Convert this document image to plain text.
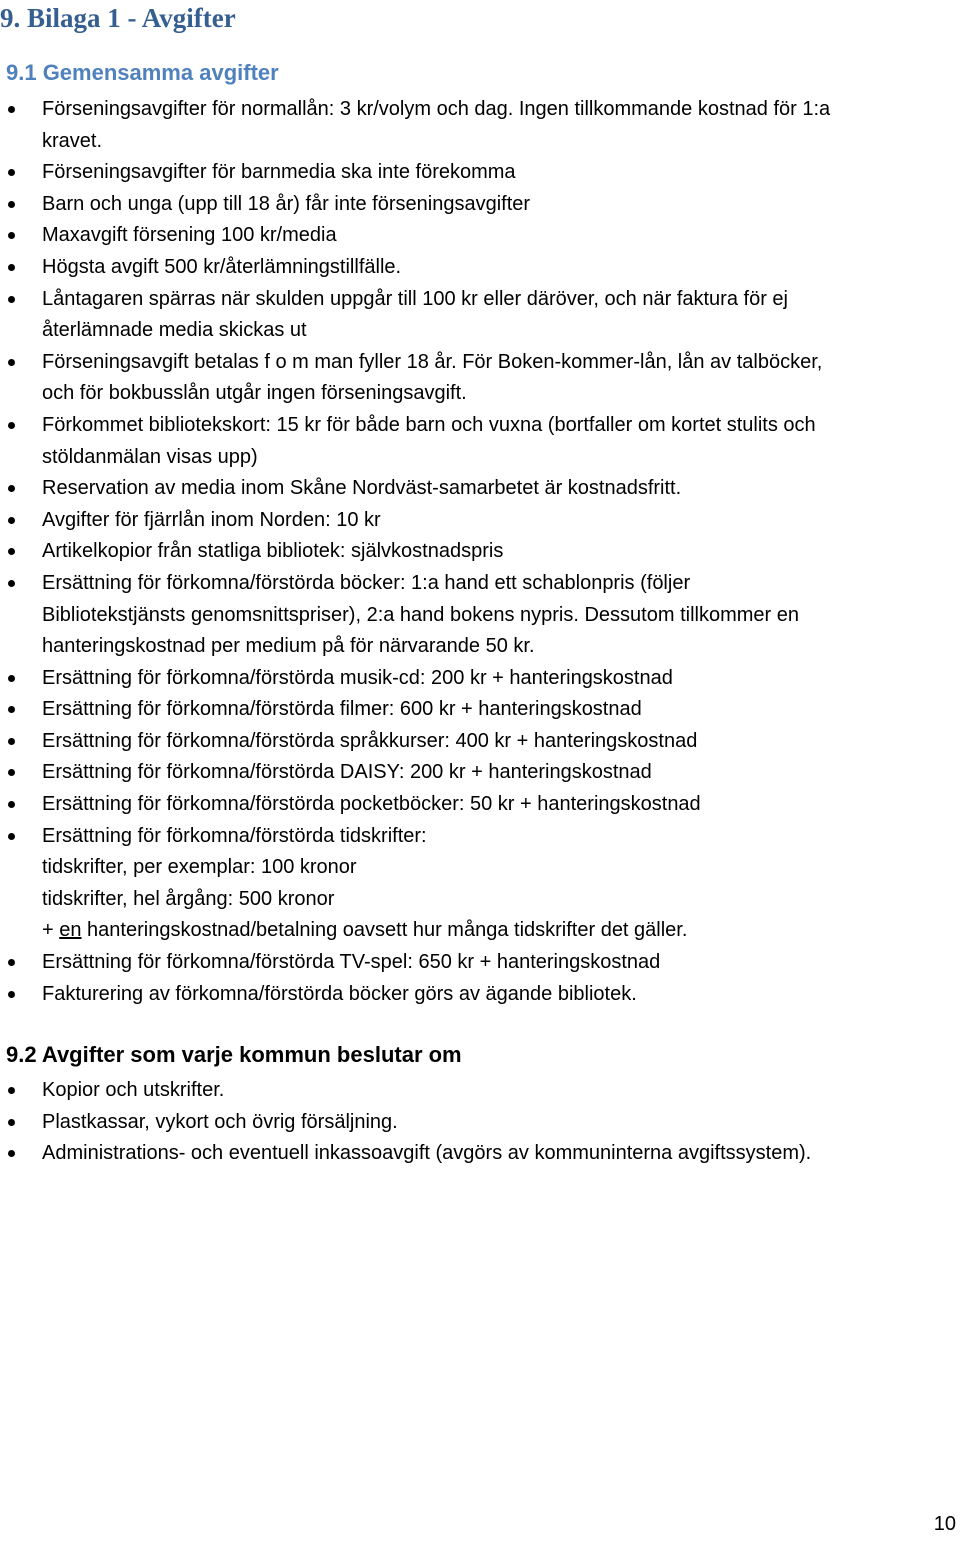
9. Bilaga 1 - Avgifter
9.1 Gemensamma avgifter
Förseningsavgifter för normallån: 3 kr/volym och dag. Ingen tillkommande kostnad för 1:a
kravet.
Förseningsavgifter för barnmedia ska inte förekomma
Barn och unga (upp till 18 år) får inte förseningsavgifter
Maxavgift försening 100 kr/media
Högsta avgift 500 kr/återlämningstillfälle.
Låntagaren spärras när skulden uppgår till 100 kr eller däröver, och när faktura för ej
återlämnade media skickas ut
Förseningsavgift betalas f o m man fyller 18 år. För Boken-kommer-lån, lån av talböcker,
och för bokbusslån utgår ingen förseningsavgift.
Förkommet bibliotekskort: 15 kr för både barn och vuxna (bortfaller om kortet stulits och
stöldanmälan visas upp)
Reservation av media inom Skåne Nordväst-samarbetet är kostnadsfritt.
Avgifter för fjärrlån inom Norden: 10 kr
Artikelkopior från statliga bibliotek: självkostnadspris
Ersättning för förkomna/förstörda böcker: 1:a hand ett schablonpris (följer
Bibliotekstjänsts genomsnittspriser), 2:a hand bokens nypris. Dessutom tillkommer en
hanteringskostnad per medium på för närvarande 50 kr.
Ersättning för förkomna/förstörda musik-cd: 200 kr + hanteringskostnad
Ersättning för förkomna/förstörda filmer: 600 kr + hanteringskostnad
Ersättning för förkomna/förstörda språkkurser: 400 kr + hanteringskostnad
Ersättning för förkomna/förstörda DAISY: 200 kr + hanteringskostnad
Ersättning för förkomna/förstörda pocketböcker: 50 kr + hanteringskostnad
Ersättning för förkomna/förstörda tidskrifter:
tidskrifter, per exemplar: 100 kronor
tidskrifter, hel årgång: 500 kronor
+ en hanteringskostnad/betalning oavsett hur många tidskrifter det gäller.
Ersättning för förkomna/förstörda TV-spel: 650 kr + hanteringskostnad
Fakturering av förkomna/förstörda böcker görs av ägande bibliotek.
9.2 Avgifter som varje kommun beslutar om
Kopior och utskrifter.
Plastkassar, vykort och övrig försäljning.
Administrations- och eventuell inkassoavgift (avgörs av kommuninterna avgiftssystem).
10
